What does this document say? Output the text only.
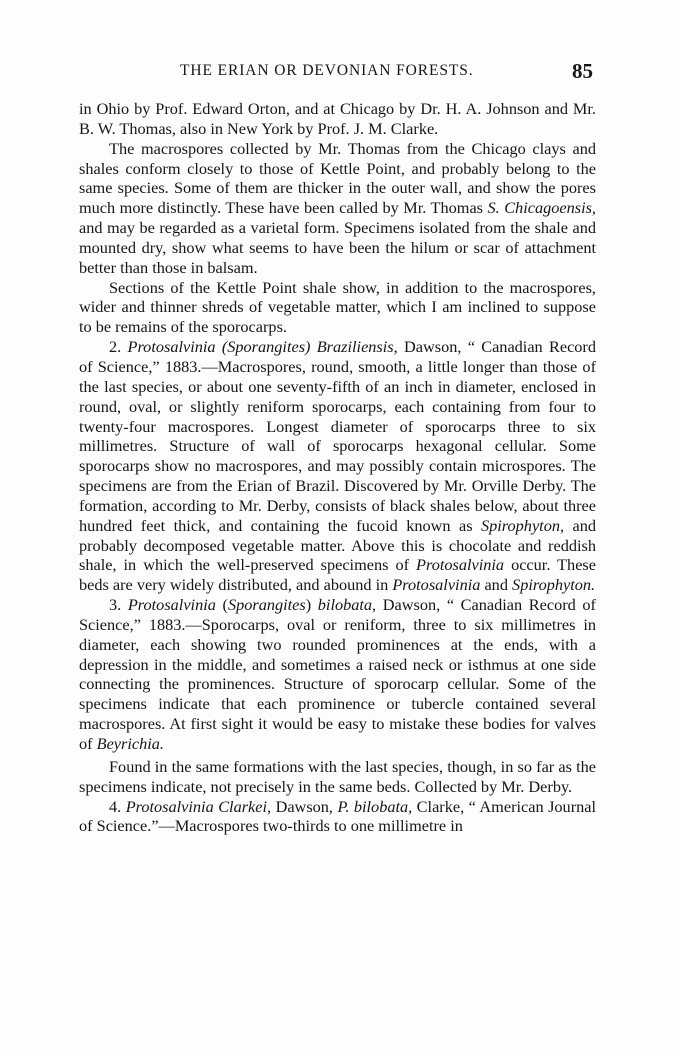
THE ERIAN OR DEVONIAN FORESTS.	85

in Ohio by Prof. Edward Orton, and at Chicago by Dr. H. A. Johnson and Mr. B. W. Thomas, also in New York by Prof. J. M. Clarke.

The macrospores collected by Mr. Thomas from the Chicago clays and shales conform closely to those of Kettle Point, and probably belong to the same species. Some of them are thicker in the outer wall, and show the pores much more distinctly. These have been called by Mr. Thomas S. Chicagoensis, and may be regarded as a varietal form. Specimens isolated from the shale and mounted dry, show what seems to have been the hilum or scar of attachment better than those in balsam.

Sections of the Kettle Point shale show, in addition to the macrospores, wider and thinner shreds of vegetable matter, which I am inclined to suppose to be remains of the sporocarps.

2. Protosalvinia (Sporangites) Braziliensis, Dawson, “ Canadian Record of Science,” 1883.—Macrospores, round, smooth, a little longer than those of the last species, or about one seventy-fifth of an inch in diameter, enclosed in round, oval, or slightly reniform sporocarps, each containing from four to twenty-four macrospores. Longest diameter of sporocarps three to six millimetres. Structure of wall of sporocarps hexagonal cellular. Some sporocarps show no macrospores, and may possibly contain microspores. The specimens are from the Erian of Brazil. Discovered by Mr. Orville Derby. The formation, according to Mr. Derby, consists of black shales below, about three hundred feet thick, and containing the fucoid known as Spirophyton, and probably decomposed vegetable matter. Above this is chocolate and reddish shale, in which the well-preserved specimens of Protosalvinia occur. These beds are very widely distributed, and abound in Protosalvinia and Spirophyton.

3. Protosalvinia (Sporangites) bilobata, Dawson, “ Canadian Record of Science,” 1883.—Sporocarps, oval or reniform, three to six millimetres in diameter, each showing two rounded prominences at the ends, with a depression in the middle, and sometimes a raised neck or isthmus at one side connecting the prominences. Structure of sporocarp cellular. Some of the specimens indicate that each prominence or tubercle contained several macrospores. At first sight it would be easy to mistake these bodies for valves of Beyrichia.

Found in the same formations with the last species, though, in so far as the specimens indicate, not precisely in the same beds. Collected by Mr. Derby.

4. Protosalvinia Clarkei, Dawson, P. bilobata, Clarke, “ American Journal of Science.”—Macrospores two-thirds to one millimetre in
